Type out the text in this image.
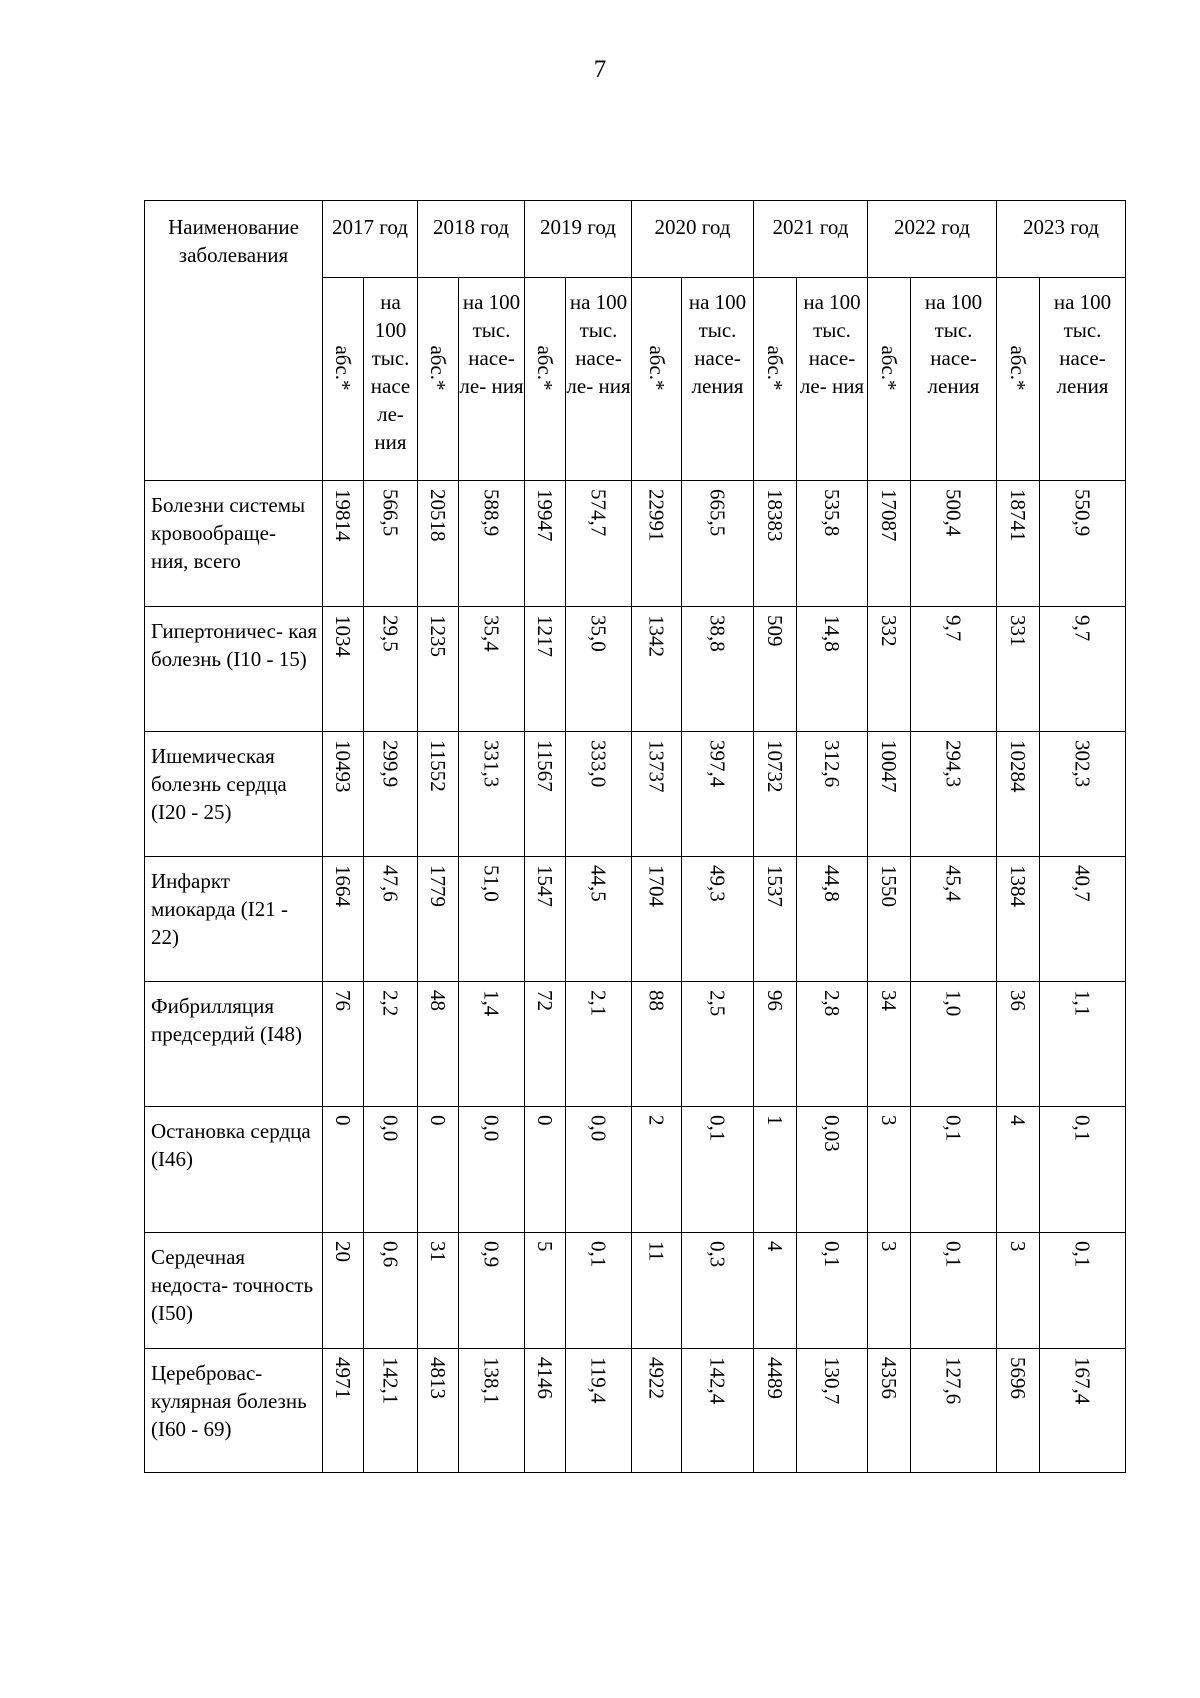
7
Наименование заболевания	2017 год		2018 год		2019 год		2020 год		2021 год		2022 год		2023 год	

	абс.*	на 100 тыс. насе ле- ния	абс.*	на 100 тыс. насе- ле- ния	абс.*	на 100 тыс. насе- ле- ния	абс.*	на 100 тыс. насе- ления	абс.*	на 100 тыс. насе- ле- ния	абс.*	на 100 тыс. насе- ления	абс.*	на 100 тыс. насе- ления
Болезни системы кровообраще- ния, всего	19814	566,5	20518	588,9	19947	574,7	22991	665,5	18383	535,8	17087	500,4	18741	550,9

Гипертоничес- кая болезнь (I10 - 15)	1034	29,5	1235	35,4	1217	35,0	1342	38,8	509	14,8	332	9,7	331	9,7

Ишемическая болезнь сердца (I20 - 25)	10493	299,9	11552	331,3	11567	333,0	13737	397,4	10732	312,6	10047	294,3	10284	302,3

Инфаркт миокарда (I21 - 22)	1664	47,6	1779	51,0	1547	44,5	1704	49,3	1537	44,8	1550	45,4	1384	40,7

Фибрилляция предсердий (I48)	76	2,2	48	1,4	72	2,1	88	2,5	96	2,8	34	1,0	36	1,1

Остановка сердца (I46)	0	0,0	0	0,0	0	0,0	2	0,1	1	0,03	3	0,1	4	0,1

Сердечная недоста- точность (I50)	20	0,6	31	0,9	5	0,1	11	0,3	4	0,1	3	0,1	3	0,1

Цереброваc- кулярная болезнь (I60 - 69)	4971	142,1	4813	138,1	4146	119,4	4922	142,4	4489	130,7	4356	127,6	5696	167,4
